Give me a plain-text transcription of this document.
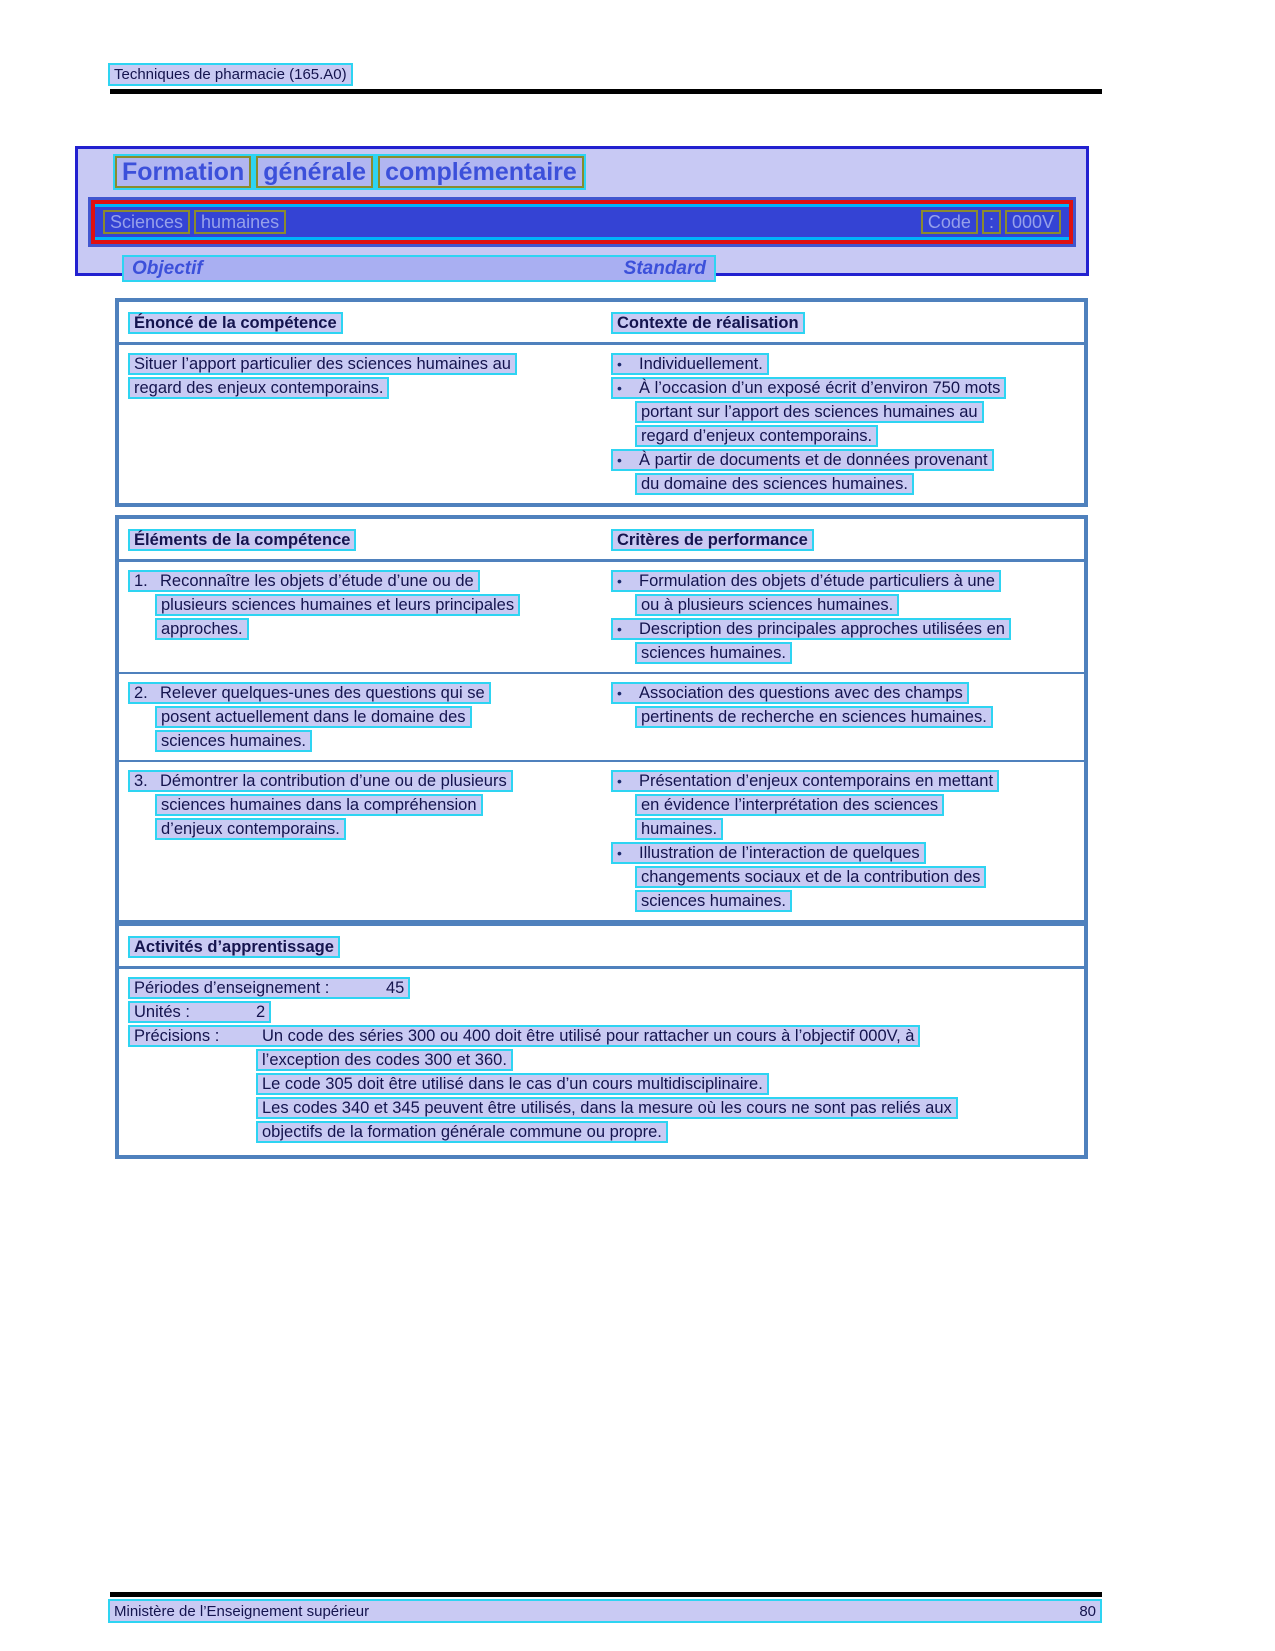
Techniques de pharmacie (165.A0)
Formation générale complémentaire
Sciences	humaines	Code	:	000V
Objectif	Standard
Énoncé de la compétence	Contexte de réalisation
Situer l’apport particulier des sciences humaines au
regard des enjeux contemporains.
• Individuellement.
• À l’occasion d’un exposé écrit d’environ 750 mots
portant sur l’apport des sciences humaines au
regard d’enjeux contemporains.
• À partir de documents et de données provenant
du domaine des sciences humaines.
Éléments de la compétence	Critères de performance
1. Reconnaître les objets d’étude d’une ou de
plusieurs sciences humaines et leurs principales
approches.
• Formulation des objets d’étude particuliers à une
ou à plusieurs sciences humaines.
• Description des principales approches utilisées en
sciences humaines.
2. Relever quelques-unes des questions qui se
posent actuellement dans le domaine des
sciences humaines.
• Association des questions avec des champs
pertinents de recherche en sciences humaines.
3. Démontrer la contribution d’une ou de plusieurs
sciences humaines dans la compréhension
d’enjeux contemporains.
• Présentation d’enjeux contemporains en mettant
en évidence l’interprétation des sciences
humaines.
• Illustration de l’interaction de quelques
changements sociaux et de la contribution des
sciences humaines.
Activités d’apprentissage
Périodes d’enseignement :	45
Unités :	2
Précisions :	Un code des séries 300 ou 400 doit être utilisé pour rattacher un cours à l’objectif 000V, à
l’exception des codes 300 et 360.
Le code 305 doit être utilisé dans le cas d’un cours multidisciplinaire.
Les codes 340 et 345 peuvent être utilisés, dans la mesure où les cours ne sont pas reliés aux
objectifs de la formation générale commune ou propre.
Ministère de l’Enseignement supérieur	80
